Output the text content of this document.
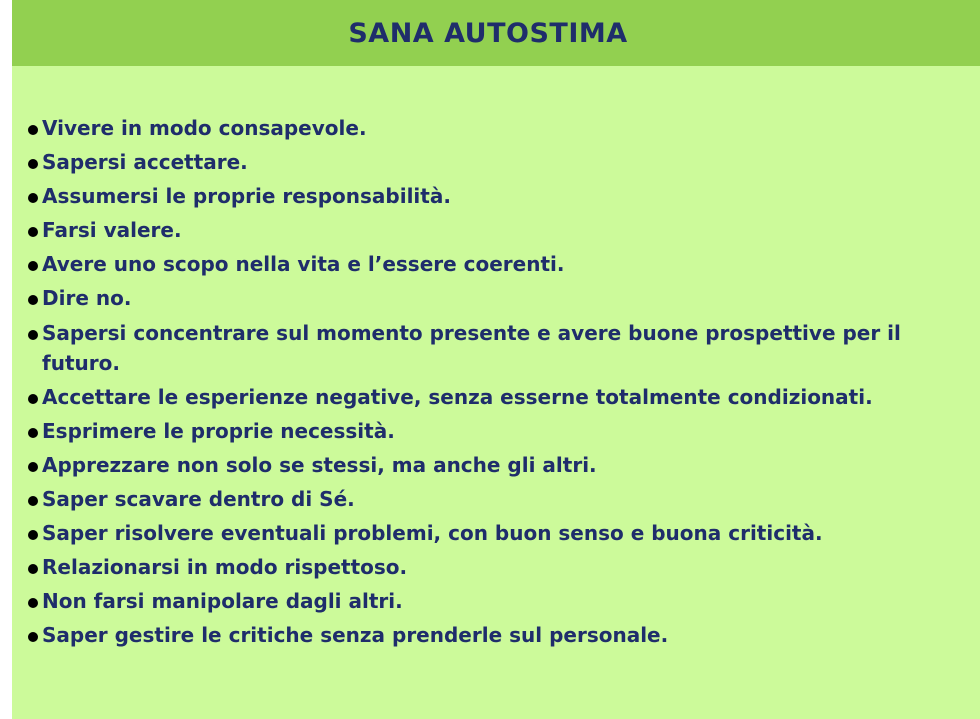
SANA AUTOSTIMA
Vivere in modo consapevole.
Sapersi accettare.
Assumersi le proprie responsabilità.
Farsi valere.
Avere uno scopo nella vita e l’essere coerenti.
Dire no.
Sapersi concentrare sul momento presente e avere buone prospettive per il futuro.
Accettare le esperienze negative, senza esserne totalmente condizionati.
Esprimere le proprie necessità.
Apprezzare non solo se stessi, ma anche gli altri.
Saper scavare dentro di Sé.
Saper risolvere eventuali problemi, con buon senso e buona criticità.
Relazionarsi in modo rispettoso.
Non farsi manipolare dagli altri.
Saper gestire le critiche senza prenderle sul personale.
